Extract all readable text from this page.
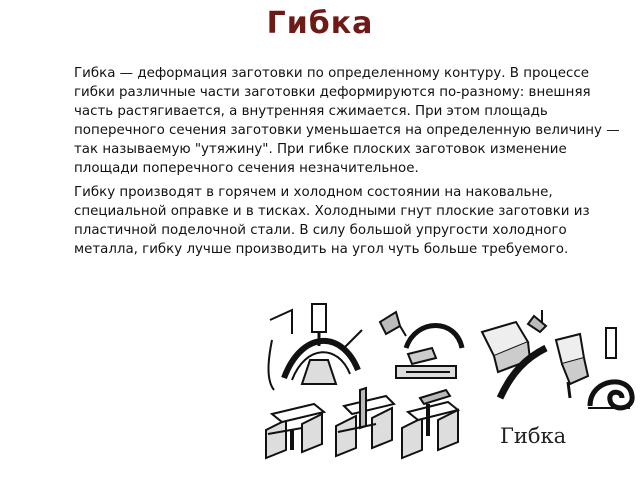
Гибка

Гибка — деформация заготовки по определенному контуру. В процессе гибки различные части заготовки деформируются по-разному: внешняя часть растягивается, а внутренняя сжимается. При этом площадь поперечного сечения заготовки уменьшается на определенную величину — так называемую "утяжину". При гибке плоских заготовок изменение площади поперечного сечения незначительное.

Гибку производят в горячем и холодном состоянии на наковальне, специальной оправке и в тисках. Холодными гнут плоские заготовки из пластичной поделочной стали. В силу большой упругости холодного металла, гибку лучше производить на угол чуть больше требуемого.

Гибка
